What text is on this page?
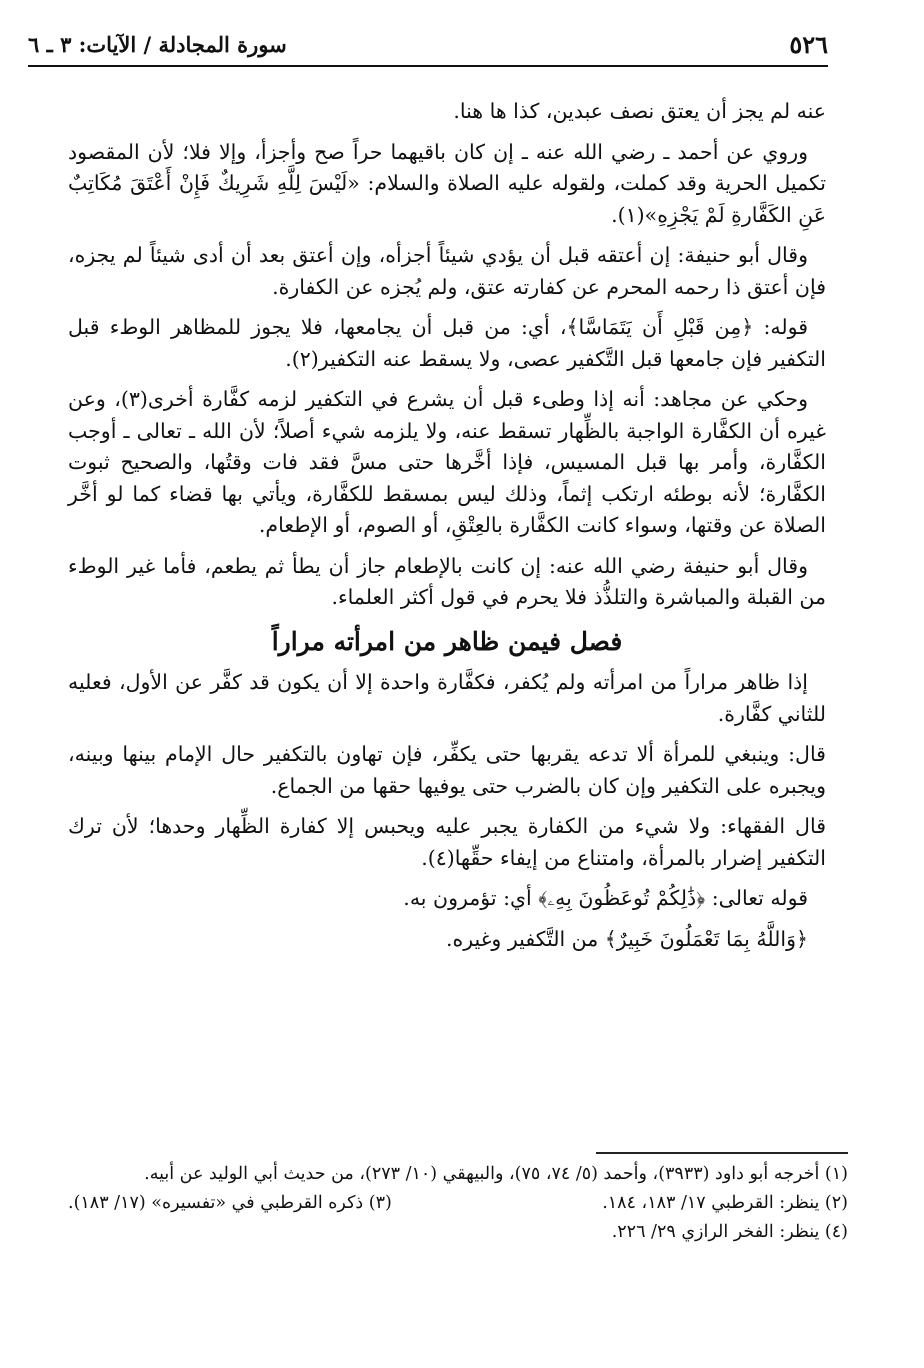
٥٢٦
سورة المجادلة / الآيات: ٣ ـ ٦

عنه لم يجز أن يعتق نصف عبدين، كذا ها هنا.

وروي عن أحمد ـ رضي الله عنه ـ إن كان باقيهما حراً صح وأجزأ، وإلا فلا؛ لأن المقصود تكميل الحرية وقد كملت، ولقوله عليه الصلاة والسلام: «لَيْسَ لِلَّهِ شَرِيكٌ فَإِنْ أَعْتَقَ مُكَاتِبٌ عَنِ الكَفَّارةِ لَمْ يَجْزِهِ»(١).

وقال أبو حنيفة: إن أعتقه قبل أن يؤدي شيئاً أجزأه، وإن أعتق بعد أن أدى شيئاً لم يجزه، فإن أعتق ذا رحمه المحرم عن كفارته عتق، ولم يُجزه عن الكفارة.

قوله: ﴿مِن قَبْلِ أَن يَتَمَاسَّا﴾، أي: من قبل أن يجامعها، فلا يجوز للمظاهر الوطء قبل التكفير فإن جامعها قبل التَّكفير عصى، ولا يسقط عنه التكفير(٢).

وحكي عن مجاهد: أنه إذا وطىء قبل أن يشرع في التكفير لزمه كفَّارة أخرى(٣)، وعن غيره أن الكفَّارة الواجبة بالظِّهار تسقط عنه، ولا يلزمه شيء أصلاً؛ لأن الله ـ تعالى ـ أوجب الكفَّارة، وأمر بها قبل المسيس، فإذا أخَّرها حتى مسَّ فقد فات وقتُها، والصحيح ثبوت الكفَّارة؛ لأنه بوطئه ارتكب إثماً، وذلك ليس بمسقط للكفَّارة، ويأتي بها قضاء كما لو أخَّر الصلاة عن وقتها، وسواء كانت الكفَّارة بالعِتْقِ، أو الصوم، أو الإطعام.

وقال أبو حنيفة رضي الله عنه: إن كانت بالإطعام جاز أن يطأ ثم يطعم، فأما غير الوطء من القبلة والمباشرة والتلذُّذ فلا يحرم في قول أكثر العلماء.

فصل فيمن ظاهر من امرأته مراراً

إذا ظاهر مراراً من امرأته ولم يُكفر، فكفَّارة واحدة إلا أن يكون قد كفَّر عن الأول، فعليه للثاني كفَّارة.

قال: وينبغي للمرأة ألا تدعه يقربها حتى يكفِّر، فإن تهاون بالتكفير حال الإمام بينها وبينه، ويجبره على التكفير وإن كان بالضرب حتى يوفيها حقها من الجماع.

قال الفقهاء: ولا شيء من الكفارة يجبر عليه ويحبس إلا كفارة الظِّهار وحدها؛ لأن ترك التكفير إضرار بالمرأة، وامتناع من إيفاء حقِّها(٤).

قوله تعالى: ﴿ذَٰلِكُمْ تُوعَظُونَ بِهِۦ﴾ أي: تؤمرون به.

﴿وَاللَّهُ بِمَا تَعْمَلُونَ خَبِيرٌ﴾ من التَّكفير وغيره.

(١) أخرجه أبو داود (٣٩٣٣)، وأحمد (٥/ ٧٤، ٧٥)، والبيهقي (١٠/ ٢٧٣)، من حديث أبي الوليد عن أبيه.

(٢) ينظر: القرطبي ١٧/ ١٨٣، ١٨٤.

(٣) ذكره القرطبي في «تفسيره» (١٧/ ١٨٣).

(٤) ينظر: الفخر الرازي ٢٩/ ٢٢٦.
